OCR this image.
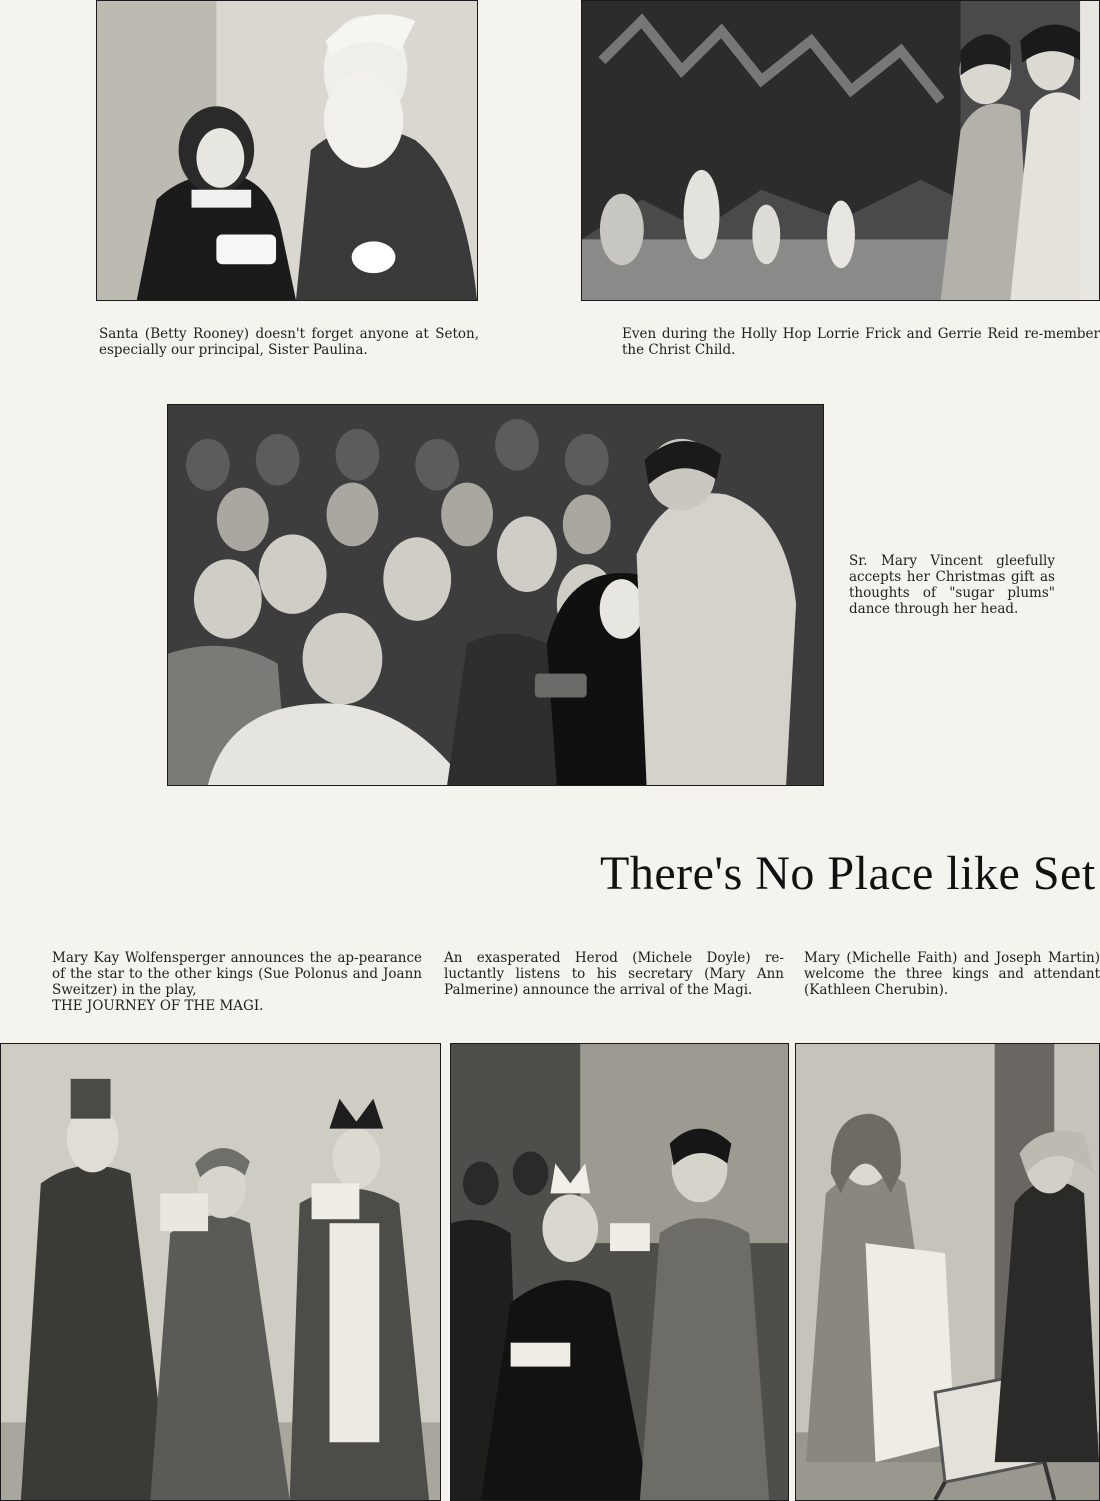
Santa (Betty Rooney) doesn't forget anyone at Seton, especially our principal, Sister Paulina.

Even during the Holly Hop Lorrie Frick and Gerrie Reid re-member the Christ Child.

Sr. Mary Vincent gleefully accepts her Christmas gift as thoughts of "sugar plums" dance through her head.

There's No Place like Set

Mary Kay Wolfensperger announces the ap-pearance of the star to the other kings (Sue Polonus and Joann Sweitzer) in the play,
THE JOURNEY OF THE MAGI.

An exasperated Herod (Michele Doyle) re-luctantly listens to his secretary (Mary Ann Palmerine) announce the arrival of the Magi.

Mary (Michelle Faith) and Joseph Martin) welcome the three kings and attendant (Kathleen Cherubin).
